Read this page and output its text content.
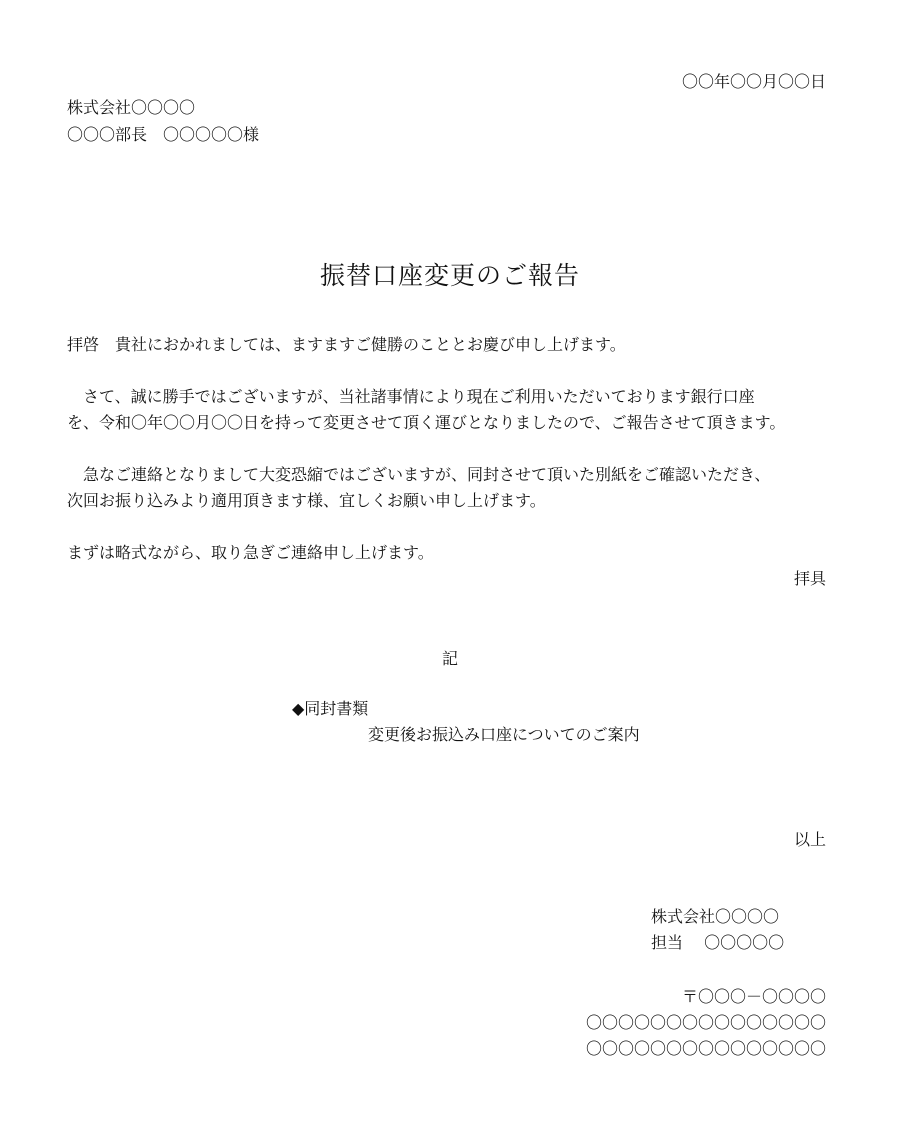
〇〇年〇〇月〇〇日
株式会社〇〇〇〇
〇〇〇部長　〇〇〇〇〇様
振替口座変更のご報告
拝啓　貴社におかれましては、ますますご健勝のこととお慶び申し上げます。
　さて、誠に勝手ではございますが、当社諸事情により現在ご利用いただいております銀行口座
を、令和〇年〇〇月〇〇日を持って変更させて頂く運びとなりましたので、ご報告させて頂きます。
　急なご連絡となりまして大変恐縮ではございますが、同封させて頂いた別紙をご確認いただき、
次回お振り込みより適用頂きます様、宜しくお願い申し上げます。
まずは略式ながら、取り急ぎご連絡申し上げます。
拝具
記
◆同封書類
変更後お振込み口座についてのご案内
以上
株式会社〇〇〇〇
担当　 〇〇〇〇〇
〒〇〇〇－〇〇〇〇
〇〇〇〇〇〇〇〇〇〇〇〇〇〇〇
〇〇〇〇〇〇〇〇〇〇〇〇〇〇〇
